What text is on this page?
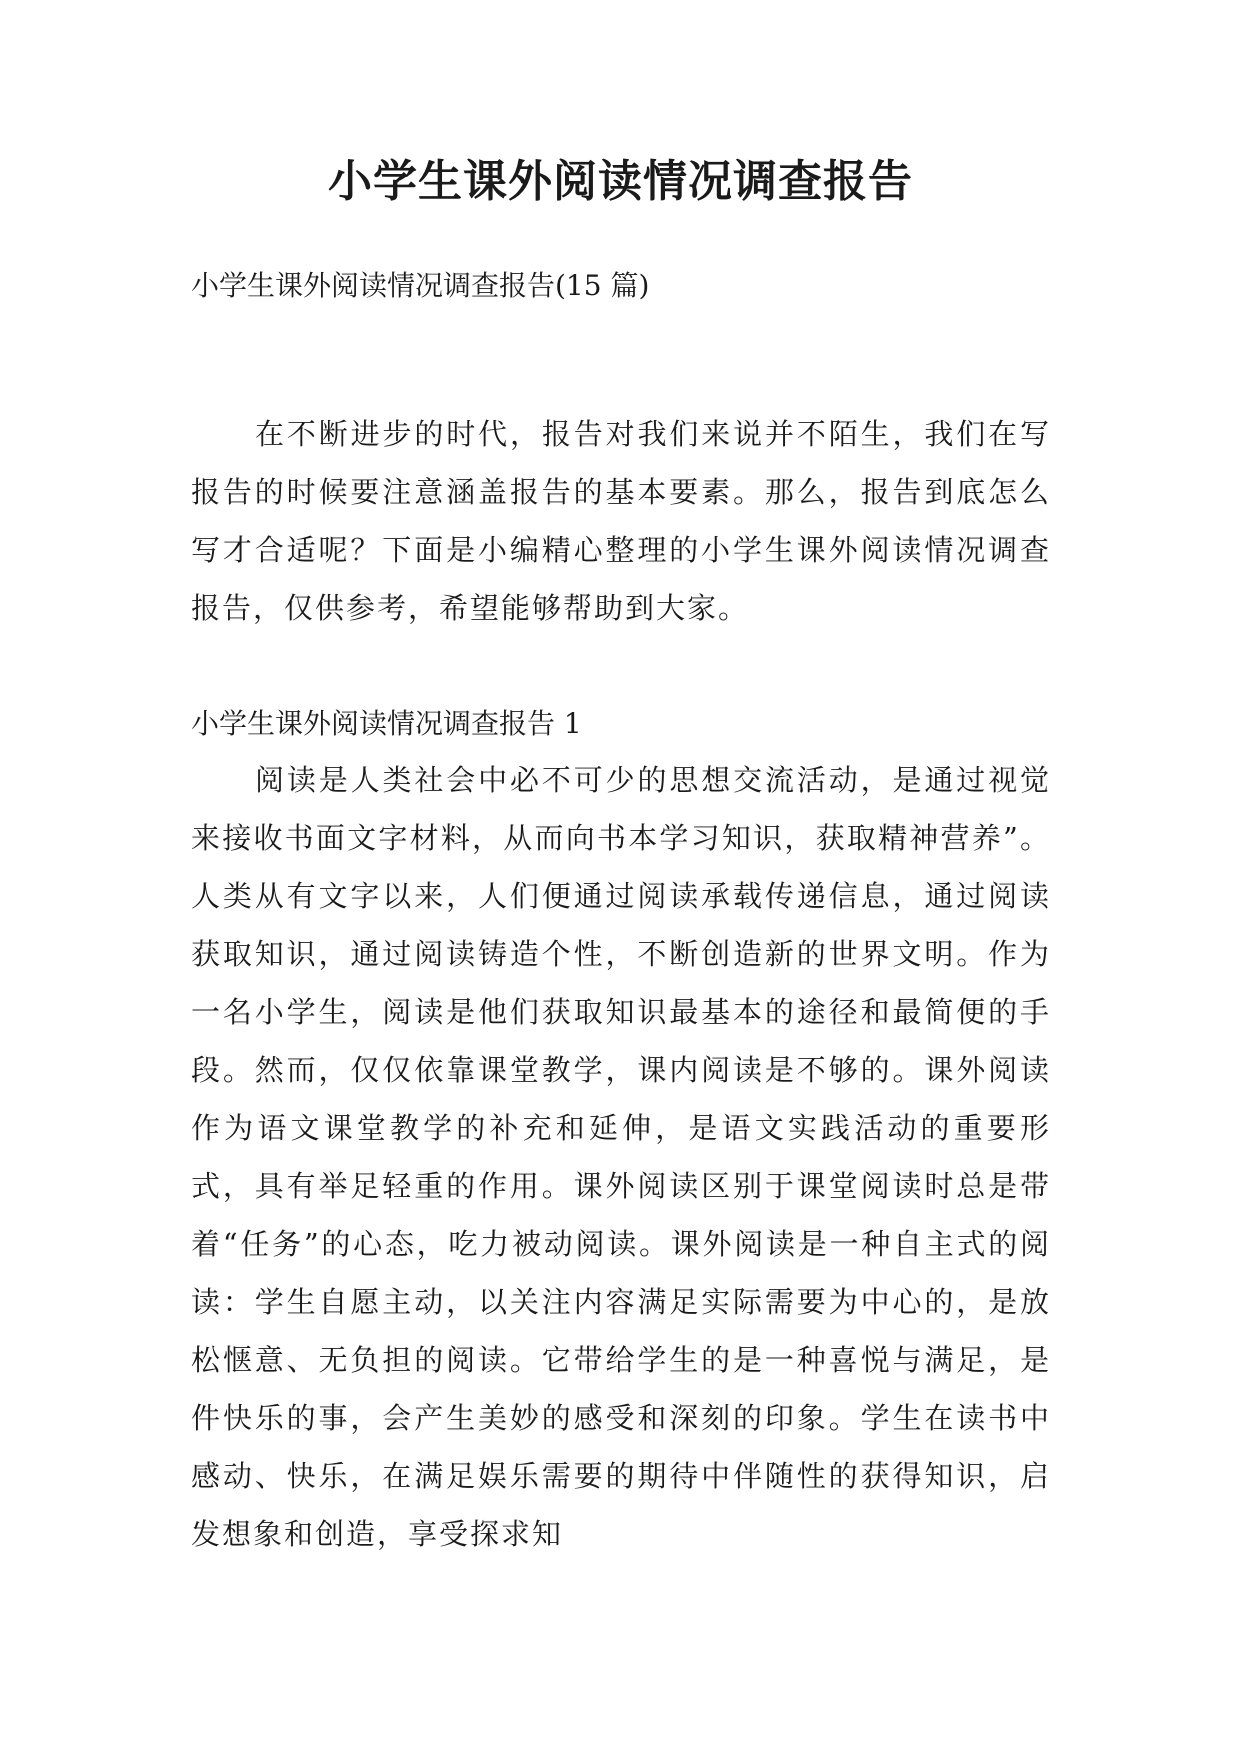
小学生课外阅读情况调查报告

小学生课外阅读情况调查报告(15 篇)

在不断进步的时代，报告对我们来说并不陌生，我们在写报告的时候要注意涵盖报告的基本要素。那么，报告到底怎么写才合适呢？下面是小编精心整理的小学生课外阅读情况调查报告，仅供参考，希望能够帮助到大家。

小学生课外阅读情况调查报告 1

阅读是人类社会中必不可少的思想交流活动，是通过视觉来接收书面文字材料，从而向书本学习知识，获取精神营养”。人类从有文字以来，人们便通过阅读承载传递信息，通过阅读获取知识，通过阅读铸造个性，不断创造新的世界文明。作为一名小学生，阅读是他们获取知识最基本的途径和最简便的手段。然而，仅仅依靠课堂教学，课内阅读是不够的。课外阅读作为语文课堂教学的补充和延伸，是语文实践活动的重要形式，具有举足轻重的作用。课外阅读区别于课堂阅读时总是带着“任务”的心态，吃力被动阅读。课外阅读是一种自主式的阅读：学生自愿主动，以关注内容满足实际需要为中心的，是放松惬意、无负担的阅读。它带给学生的是一种喜悦与满足，是件快乐的事，会产生美妙的感受和深刻的印象。学生在读书中感动、快乐，在满足娱乐需要的期待中伴随性的获得知识，启发想象和创造，享受探求知
